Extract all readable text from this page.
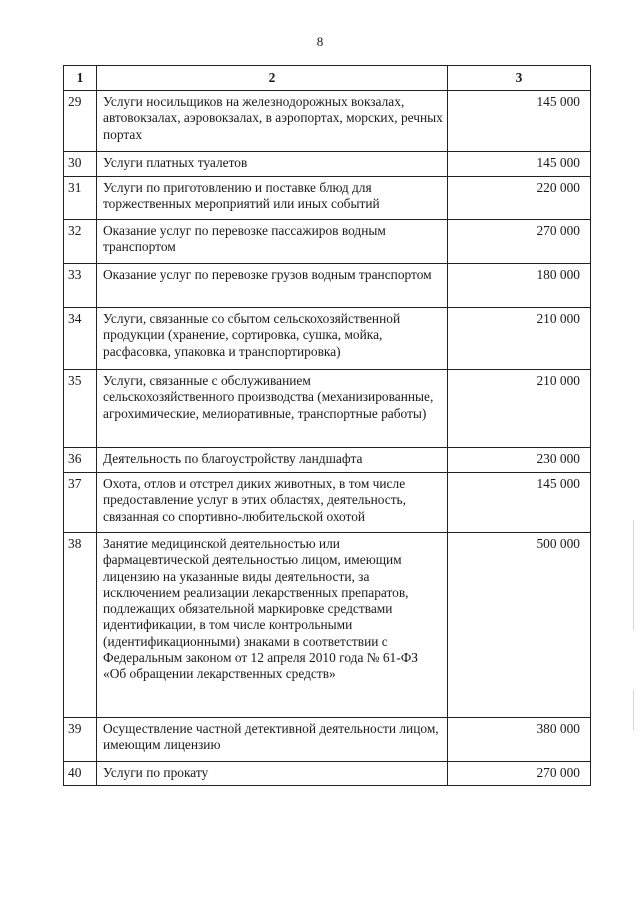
8
1	2	3
29	Услуги носильщиков на железнодорожных вокзалах, автовокзалах, аэровокзалах, в аэропортах, морских, речных портах	145 000
30	Услуги платных туалетов	145 000
31	Услуги по приготовлению и поставке блюд для торжественных мероприятий или иных событий	220 000
32	Оказание услуг по перевозке пассажиров водным транспортом	270 000
33	Оказание услуг по перевозке грузов водным транспортом	180 000
34	Услуги, связанные со сбытом сельскохозяйственной продукции (хранение, сортировка, сушка, мойка, расфасовка, упаковка и транспортировка)	210 000
35	Услуги, связанные с обслуживанием сельскохозяйственного производства (механизированные, агрохимические, мелиоративные, транспортные работы)	210 000
36	Деятельность по благоустройству ландшафта	230 000
37	Охота, отлов и отстрел диких животных, в том числе предоставление услуг в этих областях, деятельность, связанная со спортивно-любительской охотой	145 000
38	Занятие медицинской деятельностью или фармацевтической деятельностью лицом, имеющим лицензию на указанные виды деятельности, за исключением реализации лекарственных препаратов, подлежащих обязательной маркировке средствами идентификации, в том числе контрольными (идентификационными) знаками в соответствии с Федеральным законом от 12 апреля 2010 года № 61-ФЗ «Об обращении лекарственных средств»	500 000
39	Осуществление частной детективной деятельности лицом, имеющим лицензию	380 000
40	Услуги по прокату	270 000
